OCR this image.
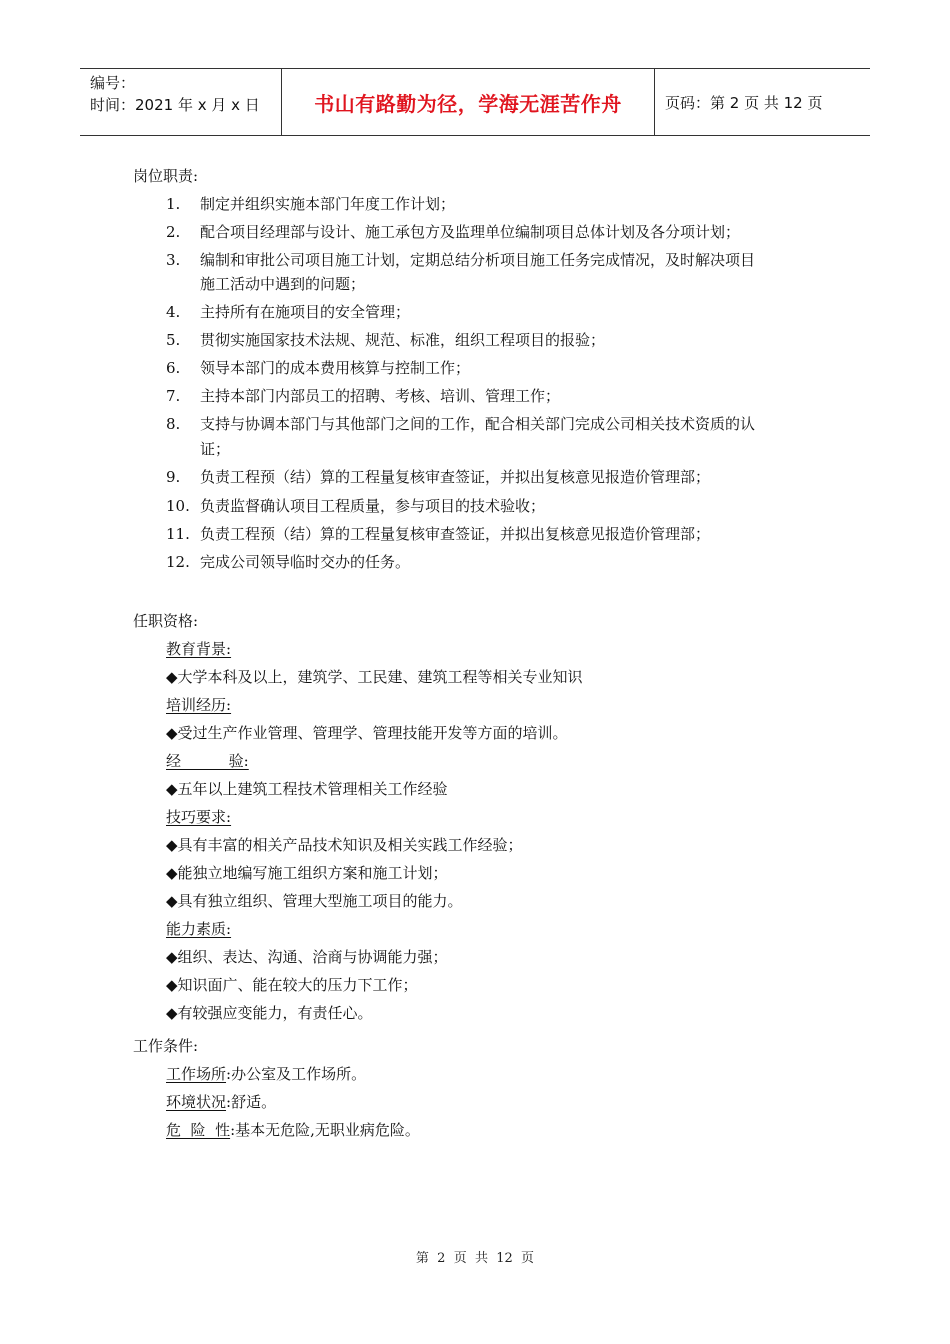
编号：
时间：2021 年 x 月 x 日	书山有路勤为径，学海无涯苦作舟	页码：第 2 页 共 12 页
岗位职责:
1. 制定并组织实施本部门年度工作计划；
2. 配合项目经理部与设计、施工承包方及监理单位编制项目总体计划及各分项计划；
3. 编制和审批公司项目施工计划，定期总结分析项目施工任务完成情况，及时解决项目
施工活动中遇到的问题；
4. 主持所有在施项目的安全管理；
5. 贯彻实施国家技术法规、规范、标准，组织工程项目的报验；
6. 领导本部门的成本费用核算与控制工作；
7. 主持本部门内部员工的招聘、考核、培训、管理工作；
8. 支持与协调本部门与其他部门之间的工作，配合相关部门完成公司相关技术资质的认
证；
9. 负责工程预（结）算的工程量复核审查签证，并拟出复核意见报造价管理部；
10. 负责监督确认项目工程质量，参与项目的技术验收；
11. 负责工程预（结）算的工程量复核审查签证，并拟出复核意见报造价管理部；
12. 完成公司领导临时交办的任务。
任职资格:
教育背景:
◆大学本科及以上，建筑学、工民建、建筑工程等相关专业知识
培训经历:
◆受过生产作业管理、管理学、管理技能开发等方面的培训。
经          验:
◆五年以上建筑工程技术管理相关工作经验
技巧要求:
◆具有丰富的相关产品技术知识及相关实践工作经验；
◆能独立地编写施工组织方案和施工计划；
◆具有独立组织、管理大型施工项目的能力。
能力素质:
◆组织、表达、沟通、洽商与协调能力强；
◆知识面广、能在较大的压力下工作；
◆有较强应变能力，有责任心。
工作条件:
工作场所:办公室及工作场所。
环境状况:舒适。
危  险  性:基本无危险,无职业病危险。
第  2  页  共  12  页
